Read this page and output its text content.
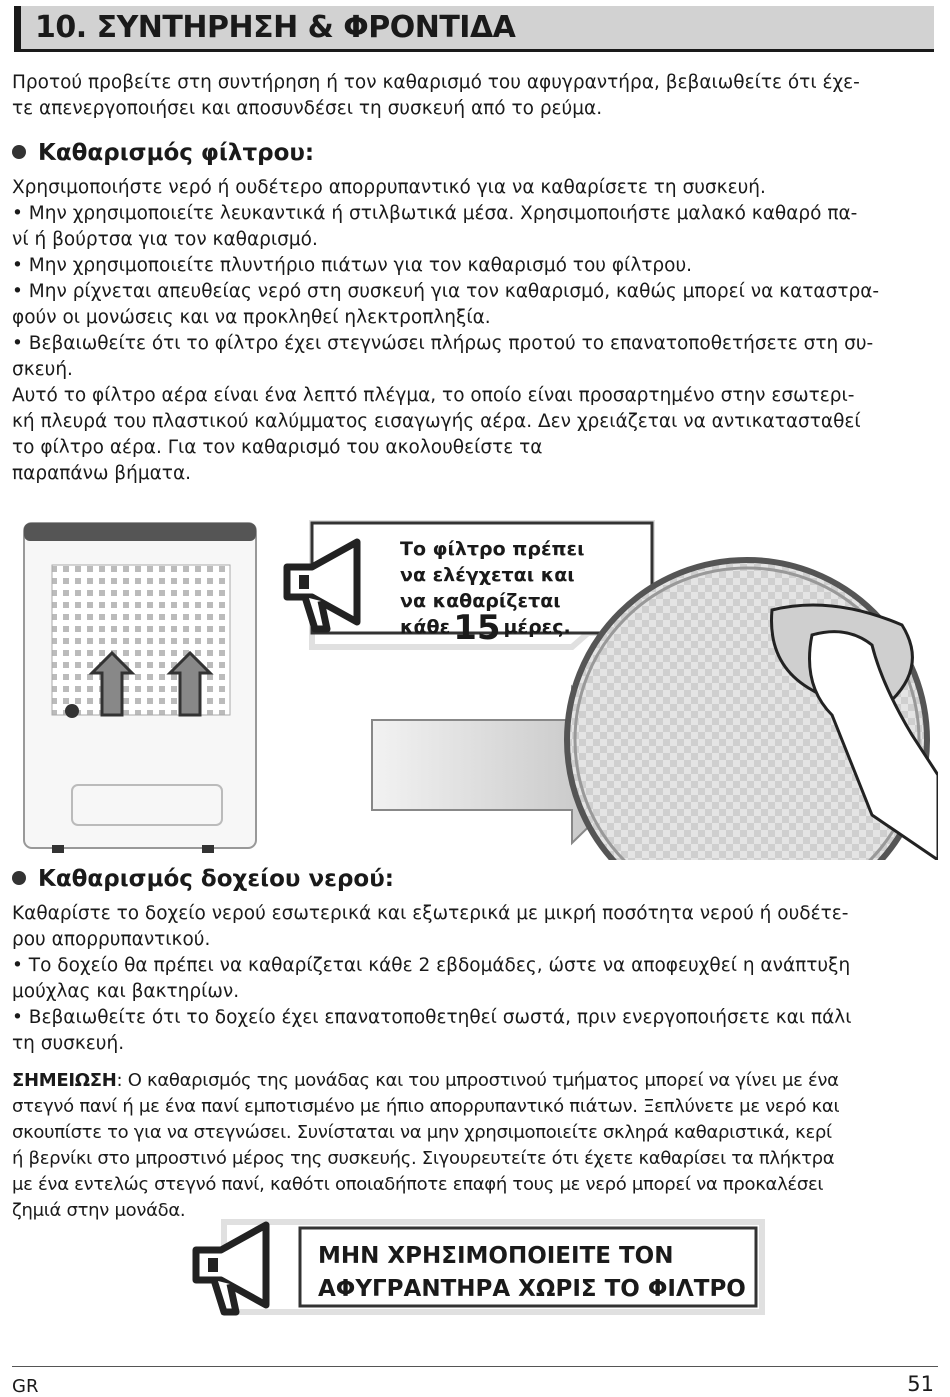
10. ΣΥΝΤΗΡΗΣΗ & ΦΡΟΝΤΙΔΑ
Προτού προβείτε στη συντήρηση ή τον καθαρισμό του αφυγραντήρα, βεβαιωθείτε ότι έχε-
τε απενεργοποιήσει και αποσυνδέσει τη συσκευή από το ρεύμα.
Καθαρισμός φίλτρου:
Χρησιμοποιήστε νερό ή ουδέτερο απορρυπαντικό για να καθαρίσετε τη συσκευή.
• Μην χρησιμοποιείτε λευκαντικά ή στιλβωτικά μέσα. Χρησιμοποιήστε μαλακό καθαρό πα-
νί ή βούρτσα για τον καθαρισμό.
• Μην χρησιμοποιείτε πλυντήριο πιάτων για τον καθαρισμό του φίλτρου.
• Μην ρίχνεται απευθείας νερό στη συσκευή για τον καθαρισμό, καθώς μπορεί να καταστρα-
φούν οι μονώσεις και να προκληθεί ηλεκτροπληξία.
• Βεβαιωθείτε ότι το φίλτρο έχει στεγνώσει πλήρως προτού το επανατοποθετήσετε στη συ-
σκευή.
Αυτό το φίλτρο αέρα είναι ένα λεπτό πλέγμα, το οποίο είναι προσαρτημένο στην εσωτερι-
κή πλευρά του πλαστικού καλύμματος εισαγωγής αέρα. Δεν χρειάζεται να αντικατασταθεί
το φίλτρο αέρα. Για τον καθαρισμό του ακολουθείστε τα
παραπάνω βήματα.
Το φίλτρο πρέπει
να ελέγχεται και
να καθαρίζεται
κάθε15 μέρες.
Καθαρισμός δοχείου νερού:
Καθαρίστε το δοχείο νερού εσωτερικά και εξωτερικά με μικρή ποσότητα νερού ή ουδέτε-
ρου απορρυπαντικού.
• Το δοχείο θα πρέπει να καθαρίζεται κάθε 2 εβδομάδες, ώστε να αποφευχθεί η ανάπτυξη
μούχλας και βακτηρίων.
• Βεβαιωθείτε ότι το δοχείο έχει επανατοποθετηθεί σωστά, πριν ενεργοποιήσετε και πάλι
τη συσκευή.
ΣΗΜΕΙΩΣΗ: Ο καθαρισμός της μονάδας και του μπροστινού τμήματος μπορεί να γίνει με ένα
στεγνό πανί ή με ένα πανί εμποτισμένο με ήπιο απορρυπαντικό πιάτων. Ξεπλύνετε με νερό και
σκουπίστε το για να στεγνώσει. Συνίσταται να μην χρησιμοποιείτε σκληρά καθαριστικά, κερί
ή βερνίκι στο μπροστινό μέρος της συσκευής. Σιγουρευτείτε ότι έχετε καθαρίσει τα πλήκτρα
με ένα εντελώς στεγνό πανί, καθότι οποιαδήποτε επαφή τους με νερό μπορεί να προκαλέσει
ζημιά στην μονάδα.
ΜΗΝ ΧΡΗΣΙΜΟΠΟΙΕΙΤΕ ΤΟΝ
ΑΦΥΓΡΑΝΤΗΡΑ ΧΩΡΙΣ ΤΟ ΦΙΛΤΡΟ
GR	51
